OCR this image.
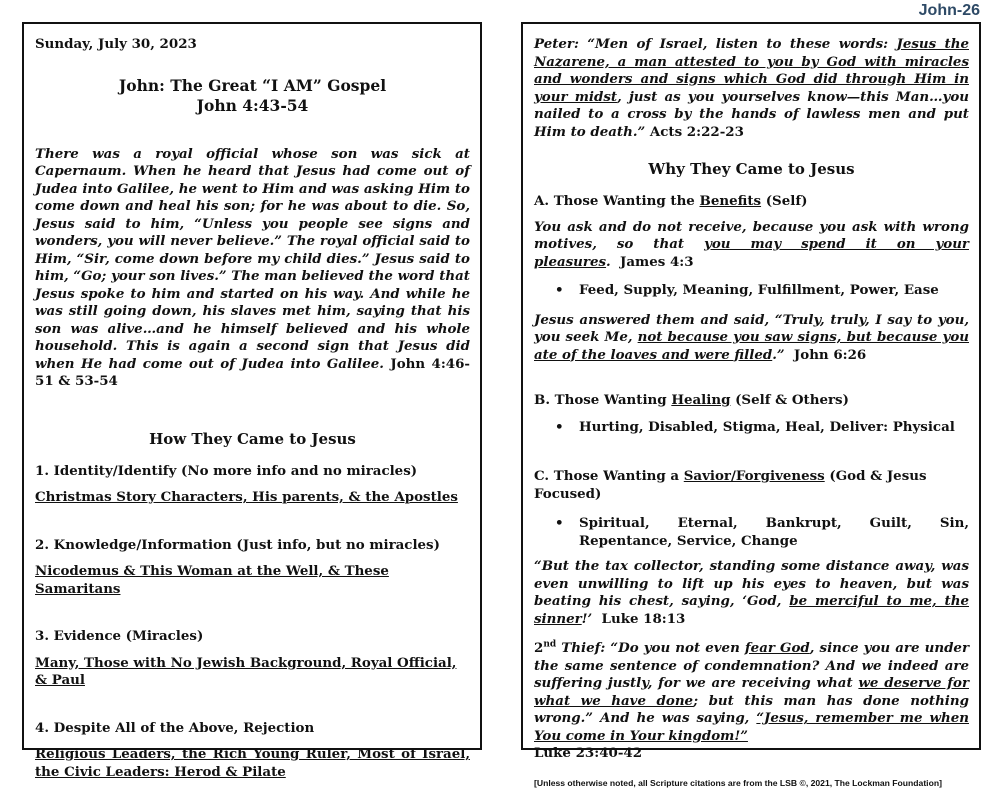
John-26
Sunday, July 30, 2023
John: The Great “I AM” Gospel
John 4:43-54

There was a royal official whose son was sick at Capernaum. When he heard that Jesus had come out of Judea into Galilee, he went to Him and was asking Him to come down and heal his son; for he was about to die. So, Jesus said to him, “Unless you people see signs and wonders, you will never believe.” The royal official said to Him, “Sir, come down before my child dies.” Jesus said to him, “Go; your son lives.” The man believed the word that Jesus spoke to him and started on his way. And while he was still going down, his slaves met him, saying that his son was alive…and he himself believed and his whole household. This is again a second sign that Jesus did when He had come out of Judea into Galilee. John 4:46-51 & 53-54

How They Came to Jesus
1. Identity/Identify (No more info and no miracles)
Christmas Story Characters, His parents, & the Apostles
2. Knowledge/Information (Just info, but no miracles)
Nicodemus & This Woman at the Well, & These Samaritans
3. Evidence (Miracles)
Many, Those with No Jewish Background, Royal Official, & Paul
4. Despite All of the Above, Rejection
Religious Leaders, the Rich Young Ruler, Most of Israel, the Civic Leaders: Herod & Pilate

Peter: “Men of Israel, listen to these words: Jesus the Nazarene, a man attested to you by God with miracles and wonders and signs which God did through Him in your midst, just as you yourselves know—this Man…you nailed to a cross by the hands of lawless men and put Him to death.” Acts 2:22-23

Why They Came to Jesus
A. Those Wanting the Benefits (Self)

You ask and do not receive, because you ask with wrong motives, so that you may spend it on your pleasures. James 4:3

• Feed, Supply, Meaning, Fulfillment, Power, Ease

Jesus answered them and said, “Truly, truly, I say to you, you seek Me, not because you saw signs, but because you ate of the loaves and were filled.” John 6:26

B. Those Wanting Healing (Self & Others)
• Hurting, Disabled, Stigma, Heal, Deliver: Physical
C. Those Wanting a Savior/Forgiveness (God & Jesus Focused)
• Spiritual, Eternal, Bankrupt, Guilt, Sin, Repentance, Service, Change

“But the tax collector, standing some distance away, was even unwilling to lift up his eyes to heaven, but was beating his chest, saying, ‘God, be merciful to me, the sinner!’ Luke 18:13

2nd Thief: “Do you not even fear God, since you are under the same sentence of condemnation? And we indeed are suffering justly, for we are receiving what we deserve for what we have done; but this man has done nothing wrong.” And he was saying, “Jesus, remember me when You come in Your kingdom!”

Luke 23:40-42
[Unless otherwise noted, all Scripture citations are from the LSB ©, 2021, The Lockman Foundation]
